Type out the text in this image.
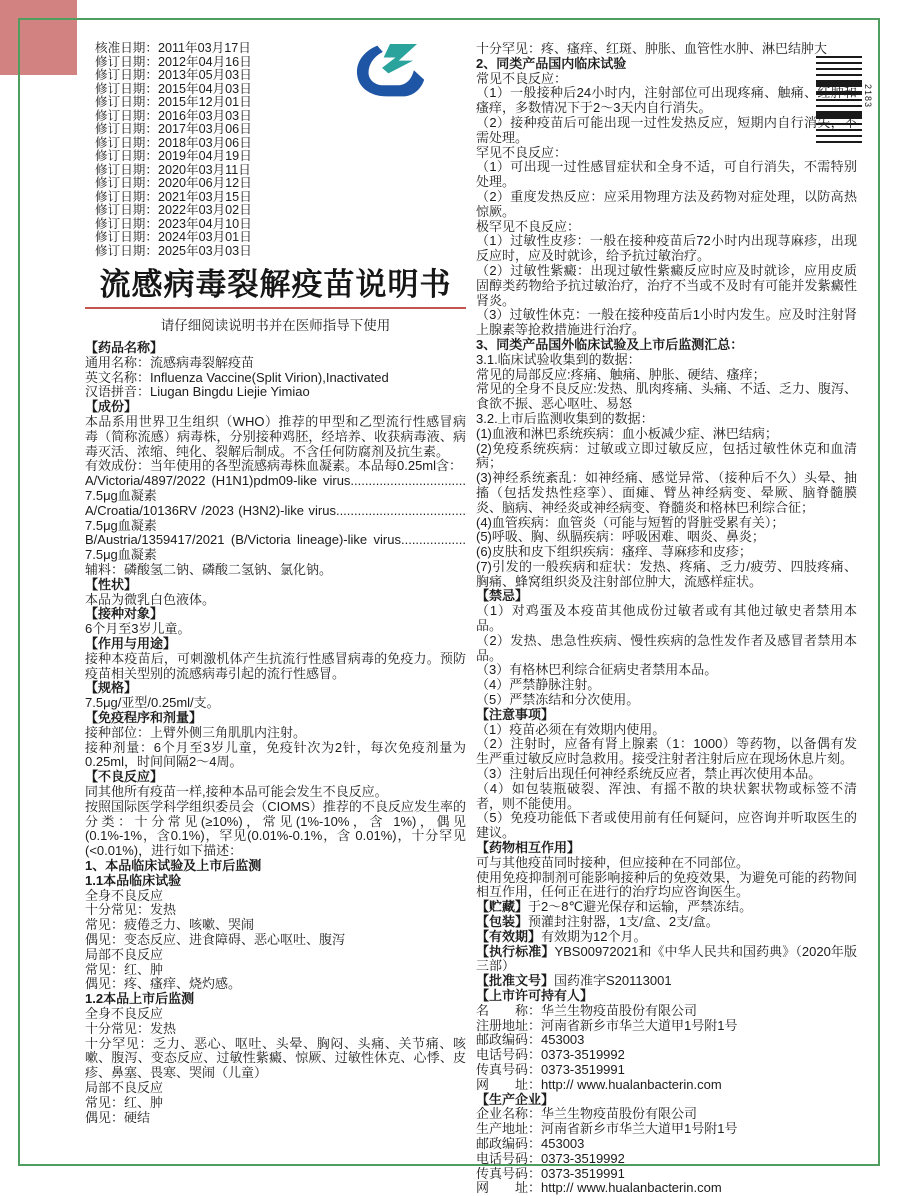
2183
核准日期：2011年03月17日
修订日期：2012年04月16日
修订日期：2013年05月03日
修订日期：2015年04月03日
修订日期：2015年12月01日
修订日期：2016年03月03日
修订日期：2017年03月06日
修订日期：2018年03月06日
修订日期：2019年04月19日
修订日期：2020年03月11日
修订日期：2020年06月12日
修订日期：2021年03月15日
修订日期：2022年03月02日
修订日期：2023年04月10日
修订日期：2024年03月01日
修订日期：2025年03月03日
流感病毒裂解疫苗说明书
请仔细阅读说明书并在医师指导下使用
【药品名称】
通用名称：流感病毒裂解疫苗
英文名称：Influenza Vaccine(Split Virion),Inactivated
汉语拼音：Liugan Bingdu Liejie Yimiao
【成份】
本品系用世界卫生组织（WHO）推荐的甲型和乙型流行性感冒病毒（简称流感）病毒株，分别接种鸡胚，经培养、收获病毒液、病毒灭活、浓缩、纯化、裂解后制成。不含任何防腐剂及抗生素。
有效成份：当年使用的各型流感病毒株血凝素。本品每0.25ml含：
A/Victoria/4897/2022 (H1N1)pdm09-like virus................................7.5μg血凝素
A/Croatia/10136RV /2023 (H3N2)-like virus....................................7.5μg血凝素
B/Austria/1359417/2021 (B/Victoria lineage)-like virus..................7.5μg血凝素
辅料：磷酸氢二钠、磷酸二氢钠、氯化钠。
【性状】
本品为微乳白色液体。
【接种对象】
6个月至3岁儿童。
【作用与用途】
接种本疫苗后，可刺激机体产生抗流行性感冒病毒的免疫力。预防疫苗相关型别的流感病毒引起的流行性感冒。
【规格】
7.5μg/亚型/0.25ml/支。
【免疫程序和剂量】
接种部位：上臂外侧三角肌肌内注射。
接种剂量：6个月至3岁儿童，免疫针次为2针，每次免疫剂量为0.25ml，时间间隔2～4周。
【不良反应】
同其他所有疫苗一样,接种本品可能会发生不良反应。
按照国际医学科学组织委员会（CIOMS）推荐的不良反应发生率的分类：十分常见(≥10%)，常见(1%-10%，含 1%)，偶见(0.1%-1%，含0.1%)，罕见(0.01%-0.1%，含 0.01%)，十分罕见(<0.01%)，进行如下描述：
1、本品临床试验及上市后监测
1.1本品临床试验
全身不良反应
十分常见：发热
常见：疲倦乏力、咳嗽、哭闹
偶见：变态反应、进食障碍、恶心呕吐、腹泻
局部不良反应
常见：红、肿
偶见：疼、瘙痒、烧灼感。
1.2本品上市后监测
全身不良反应
十分常见：发热
十分罕见：乏力、恶心、呕吐、头晕、胸闷、头痛、关节痛、咳嗽、腹泻、变态反应、过敏性紫癜、惊厥、过敏性休克、心悸、皮疹、鼻塞、畏寒、哭闹（儿童）
局部不良反应
常见：红、肿
偶见：硬结
十分罕见：疼、瘙痒、红斑、肿胀、血管性水肿、淋巴结肿大
2、同类产品国内临床试验
常见不良反应：
（1）一般接种后24小时内，注射部位可出现疼痛、触痛、红肿和瘙痒，多数情况下于2～3天内自行消失。
（2）接种疫苗后可能出现一过性发热反应，短期内自行消失，不需处理。
罕见不良反应：
（1）可出现一过性感冒症状和全身不适，可自行消失，不需特别处理。
（2）重度发热反应：应采用物理方法及药物对症处理，以防高热惊厥。
极罕见不良反应：
（1）过敏性皮疹：一般在接种疫苗后72小时内出现荨麻疹，出现反应时，应及时就诊，给予抗过敏治疗。
（2）过敏性紫癜：出现过敏性紫癜反应时应及时就诊，应用皮质固醇类药物给予抗过敏治疗，治疗不当或不及时有可能并发紫癜性肾炎。
（3）过敏性休克：一般在接种疫苗后1小时内发生。应及时注射肾上腺素等抢救措施进行治疗。
3、同类产品国外临床试验及上市后监测汇总：
3.1.临床试验收集到的数据：
常见的局部反应:疼痛、触痛、肿胀、硬结、瘙痒；
常见的全身不良反应:发热、肌肉疼痛、头痛、不适、乏力、腹泻、食欲不振、恶心呕吐、易怒
3.2.上市后监测收集到的数据：
(1)血液和淋巴系统疾病：血小板减少症、淋巴结病；
(2)免疫系统疾病：过敏或立即过敏反应，包括过敏性休克和血清病；
(3)神经系统紊乱：如神经痛、感觉异常、（接种后不久）头晕、抽搐（包括发热性痉挛）、面瘫、臂丛神经病变、晕厥、脑脊髓膜炎、脑病、神经炎或神经病变、脊髓炎和格林巴利综合征；
(4)血管疾病：血管炎（可能与短暂的肾脏受累有关）；
(5)呼吸、胸、纵膈疾病：呼吸困难、咽炎、鼻炎；
(6)皮肤和皮下组织疾病：瘙痒、荨麻疹和皮疹；
(7)引发的一般疾病和症状：发热、疼痛、乏力/疲劳、四肢疼痛、胸痛、蜂窝组织炎及注射部位肿大，流感样症状。
【禁忌】
（1）对鸡蛋及本疫苗其他成份过敏者或有其他过敏史者禁用本品。
（2）发热、患急性疾病、慢性疾病的急性发作者及感冒者禁用本品。
（3）有格林巴利综合征病史者禁用本品。
（4）严禁静脉注射。
（5）严禁冻结和分次使用。
【注意事项】
（1）疫苗必须在有效期内使用。
（2）注射时，应备有肾上腺素（1：1000）等药物，以备偶有发生严重过敏反应时急救用。接受注射者注射后应在现场休息片刻。
（3）注射后出现任何神经系统反应者，禁止再次使用本品。
（4）如包装瓶破裂、浑浊、有摇不散的块状絮状物或标签不清者，则不能使用。
（5）免疫功能低下者或使用前有任何疑问，应咨询并听取医生的建议。
【药物相互作用】
可与其他疫苗同时接种，但应接种在不同部位。
使用免疫抑制剂可能影响接种后的免疫效果，为避免可能的药物间相互作用，任何正在进行的治疗均应咨询医生。
【贮藏】于2～8℃避光保存和运输，严禁冻结。
【包装】预灌封注射器，1支/盒、2支/盒。
【有效期】有效期为12个月。
【执行标准】YBS00972021和《中华人民共和国药典》（2020年版三部）
【批准文号】国药准字S20113001
【上市许可持有人】
名　　称：华兰生物疫苗股份有限公司
注册地址：河南省新乡市华兰大道甲1号附1号
邮政编码：453003
电话号码：0373-3519992
传真号码：0373-3519991
网　　址：http:// www.hualanbacterin.com
【生产企业】
企业名称：华兰生物疫苗股份有限公司
生产地址：河南省新乡市华兰大道甲1号附1号
邮政编码：453003
电话号码：0373-3519992
传真号码：0373-3519991
网　　址：http:// www.hualanbacterin.com
